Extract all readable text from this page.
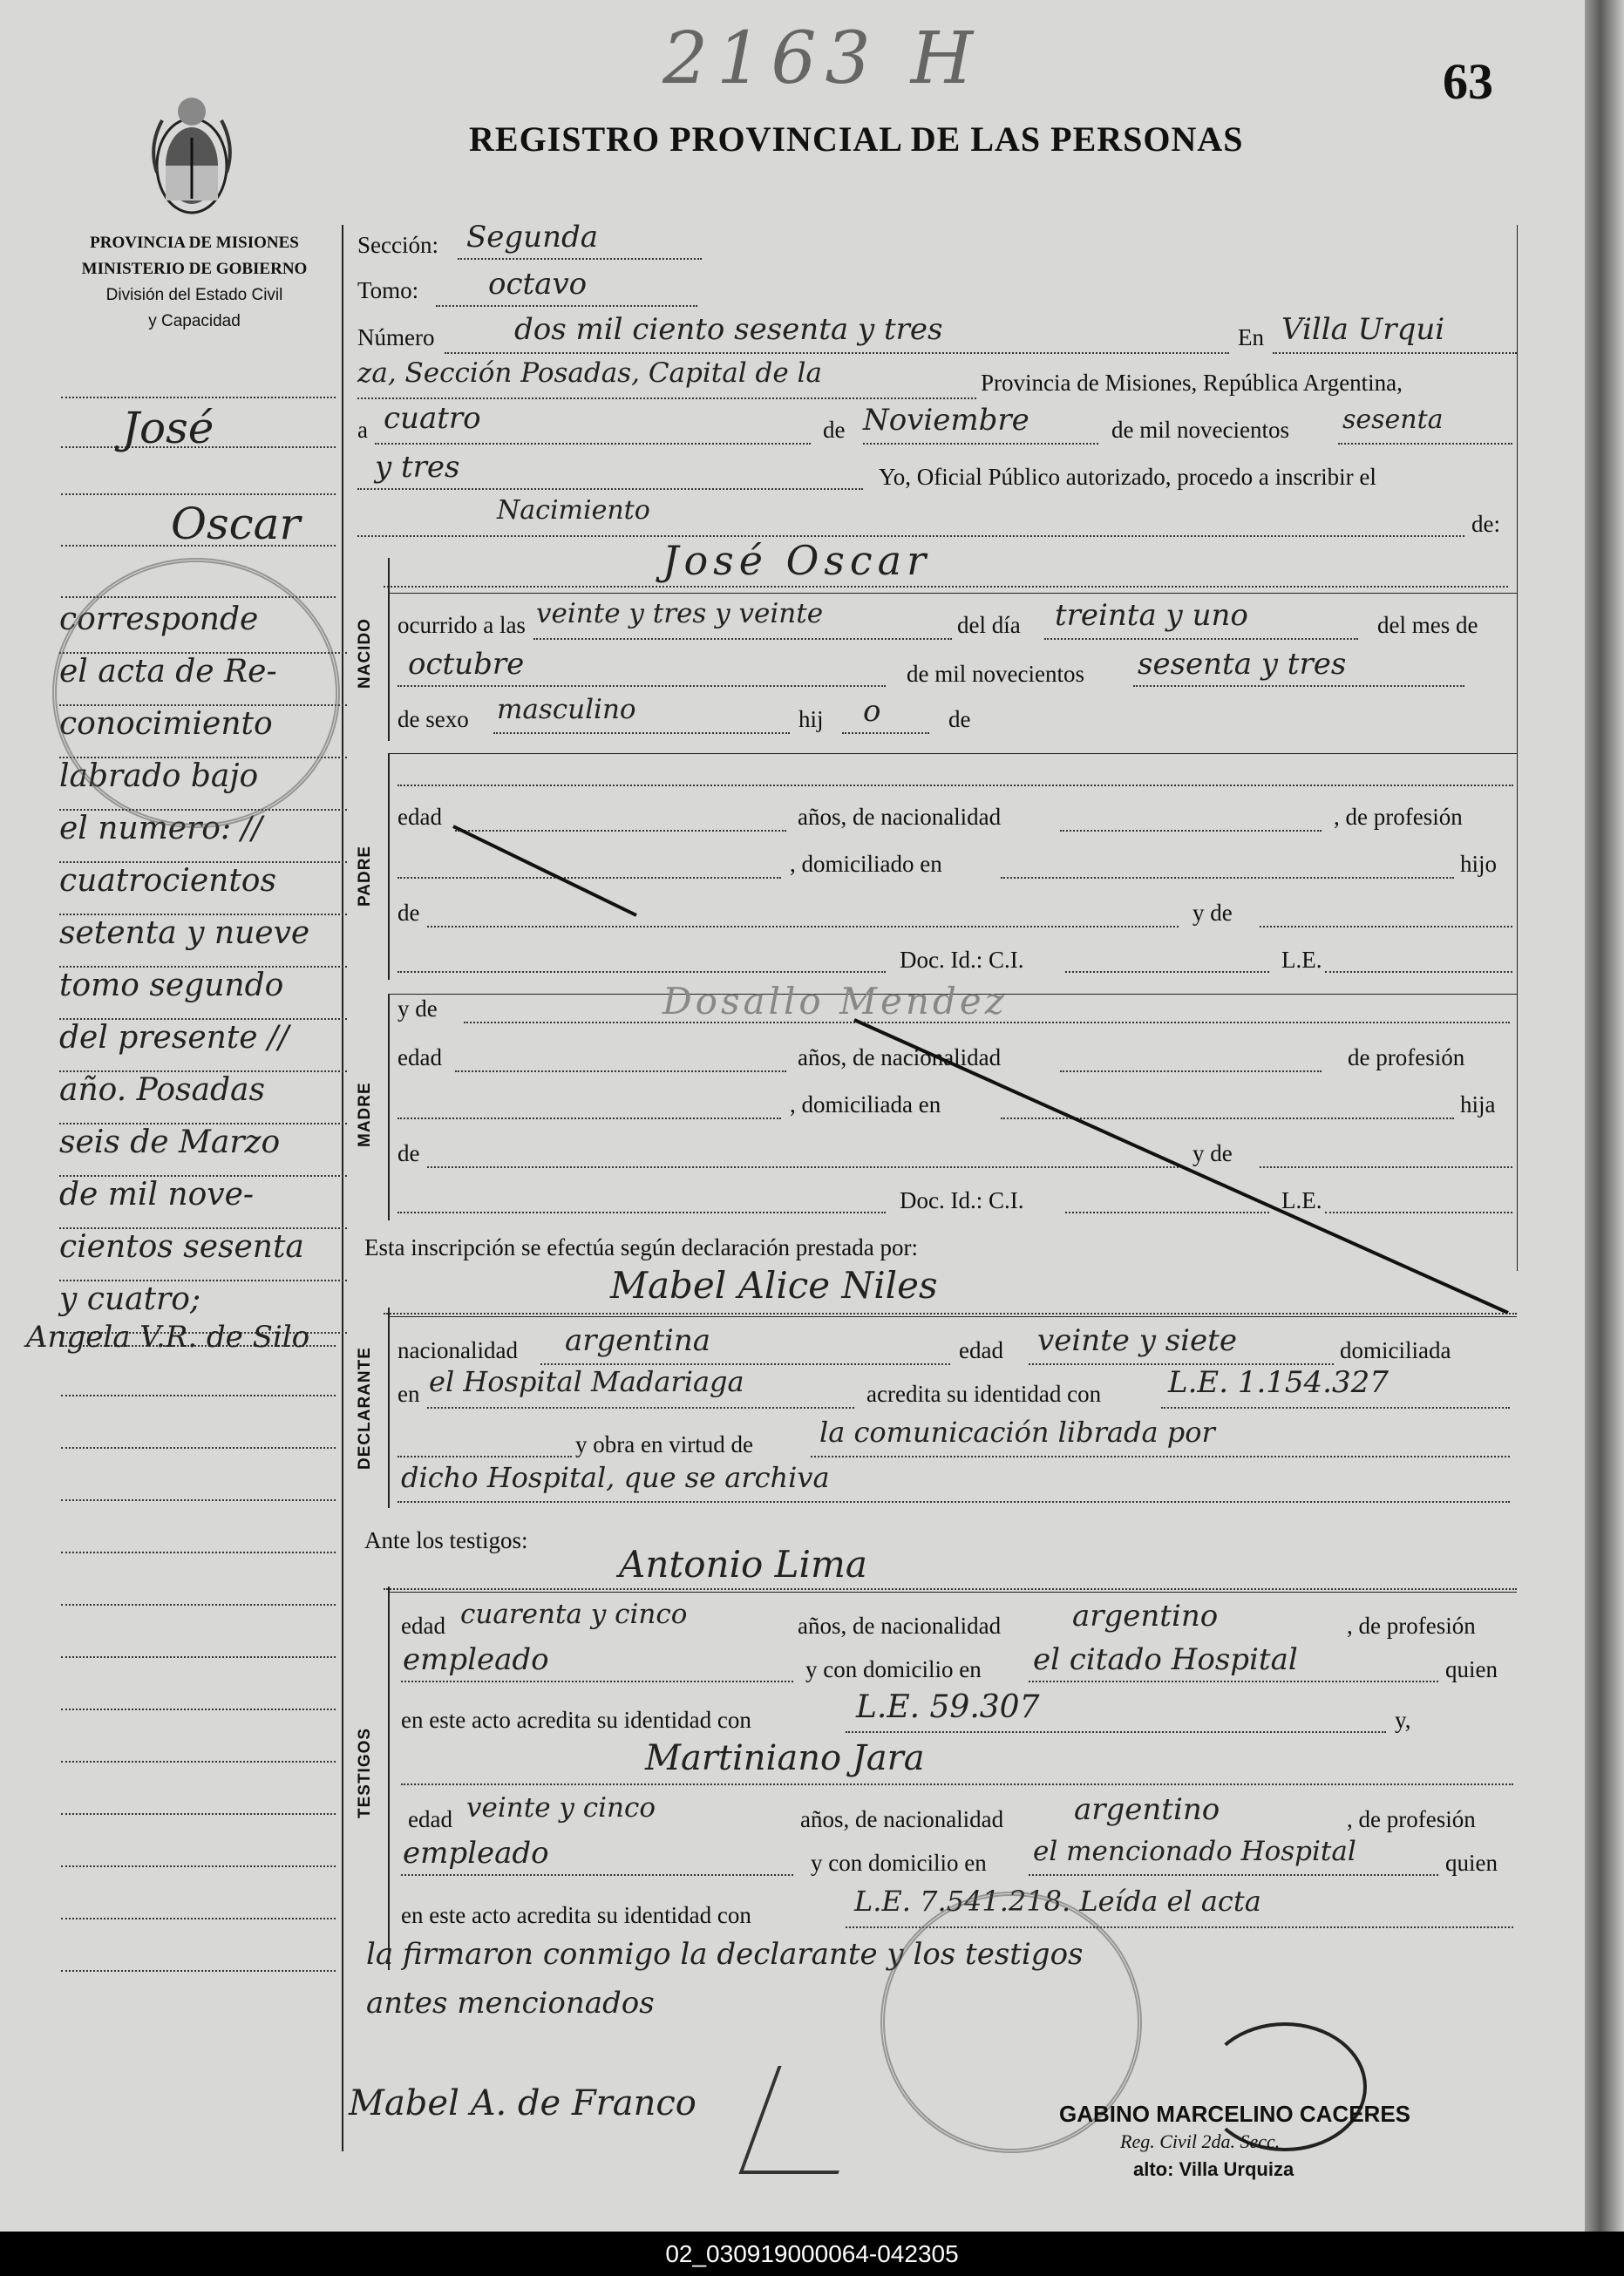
2163 H	63
REGISTRO PROVINCIAL DE LAS PERSONAS
PROVINCIA DE MISIONES
MINISTERIO DE GOBIERNO
División del Estado Civil
y Capacidad
José
Oscar
corresponde
el acta de Re-
conocimiento
labrado bajo
el numero: //
cuatrocientos
setenta y nueve
tomo segundo
del presente //
año. Posadas
seis de Marzo
de mil nove-
cientos sesenta
y cuatro;
Angela V.R. de Silo
Sección: Segunda
Tomo: octavo
Número	dos mil ciento sesenta y tres	En Villa Urqui
za, Sección Posadas, Capital de la	Provincia de Misiones, República Argentina,
a cuatro	de Noviembre	de mil novecientos sesenta
y tres	Yo, Oficial Público autorizado, procedo a inscribir el
Nacimiento	de:
José Oscar
NACIDO ocurrido a las veinte y tres y veinte	del día treinta y uno	del mes de
octubre	de mil novecientos sesenta y tres
de sexo masculino	hij o	de
PADRE
edad	años, de nacionalidad	, de profesión
, domiciliado en	hijo
de	y de
Doc. Id.: C.I.	L.E.
MADRE
y de	Dosallo Mendez
edad	años, de nacionalidad	de profesión
, domiciliada en	hija
de	y de
Doc. Id.: C.I.	L.E.
Esta inscripción se efectúa según declaración prestada por:
Mabel Alice Niles
DECLARANTE nacionalidad argentina	edad veinte y siete	domiciliada
en el Hospital Madariaga	acredita su identidad con L.E. 1.154.327
y obra en virtud de la comunicación librada por
dicho Hospital, que se archiva
Ante los testigos:
Antonio Lima
TESTIGOS
edad cuarenta y cinco	años, de nacionalidad argentino	, de profesión
empleado	y con domicilio en el citado Hospital	quien
en este acto acredita su identidad con	L.E. 59.307	y,
Martiniano Jara
edad veinte y cinco	años, de nacionalidad argentino	, de profesión
empleado	y con domicilio en el mencionado Hospital	quien
en este acto acredita su identidad con	L.E. 7.541.218. Leída el acta
la firmaron conmigo la declarante y los testigos
antes mencionados
Mabel A. de Franco	GABINO MARCELINO CACERES
Reg. Civil 2da. Secc.
alto: Villa Urquiza
02_030919000064-042305
